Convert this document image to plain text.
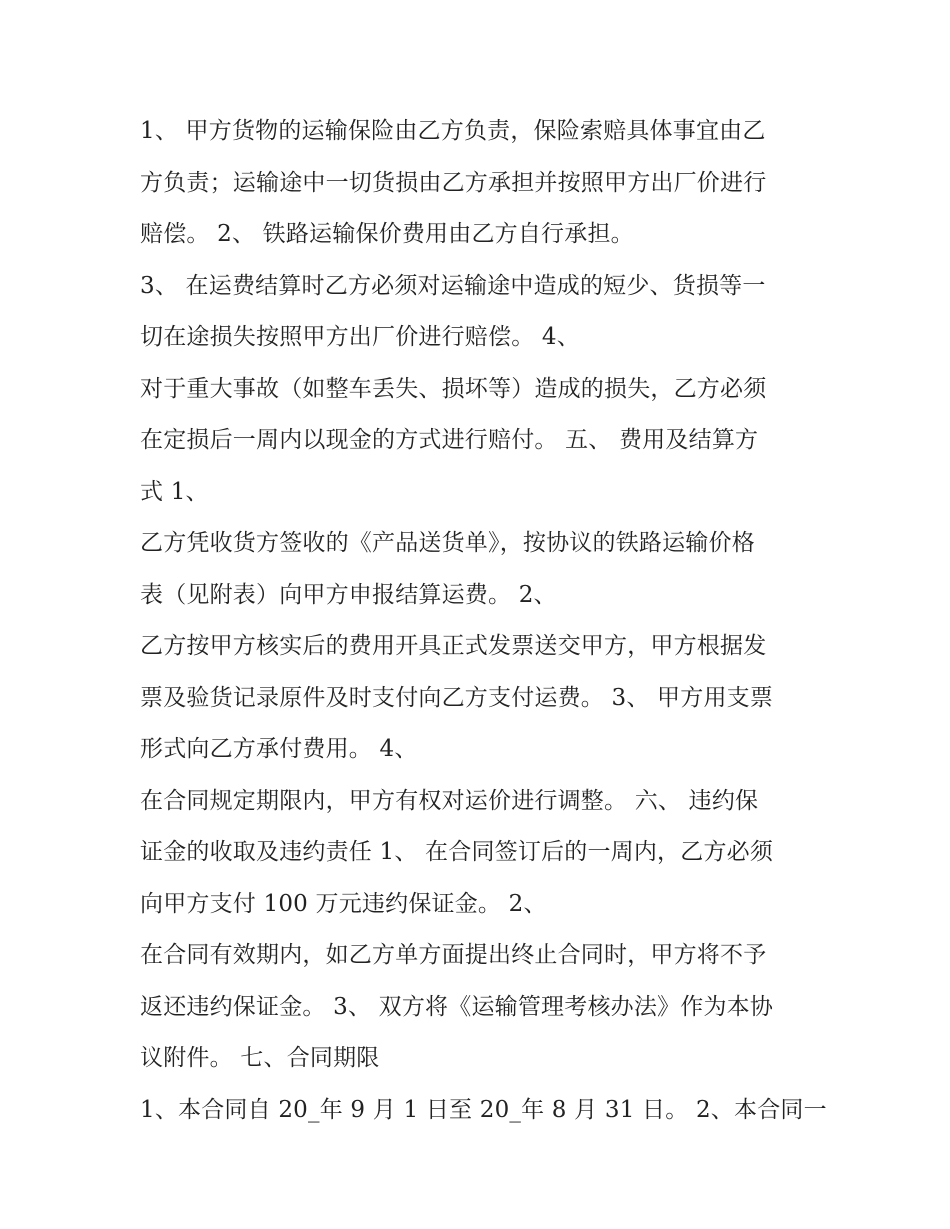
1、 甲方货物的运输保险由乙方负责，保险索赔具体事宜由乙
方负责；运输途中一切货损由乙方承担并按照甲方出厂价进行
赔偿。 2、 铁路运输保价费用由乙方自行承担。
3、 在运费结算时乙方必须对运输途中造成的短少、货损等一
切在途损失按照甲方出厂价进行赔偿。 4、
对于重大事故（如整车丢失、损坏等）造成的损失，乙方必须
在定损后一周内以现金的方式进行赔付。 五、 费用及结算方
式 1、
乙方凭收货方签收的《产品送货单》，按协议的铁路运输价格
表（见附表）向甲方申报结算运费。 2、
乙方按甲方核实后的费用开具正式发票送交甲方，甲方根据发
票及验货记录原件及时支付向乙方支付运费。 3、 甲方用支票
形式向乙方承付费用。 4、
在合同规定期限内，甲方有权对运价进行调整。 六、 违约保
证金的收取及违约责任 1、 在合同签订后的一周内，乙方必须
向甲方支付 100 万元违约保证金。 2、
在合同有效期内，如乙方单方面提出终止合同时，甲方将不予
返还违约保证金。 3、 双方将《运输管理考核办法》作为本协
议附件。 七、合同期限
1、本合同自 20_年 9 月 1 日至 20_年 8 月 31 日。 2、本合同一
